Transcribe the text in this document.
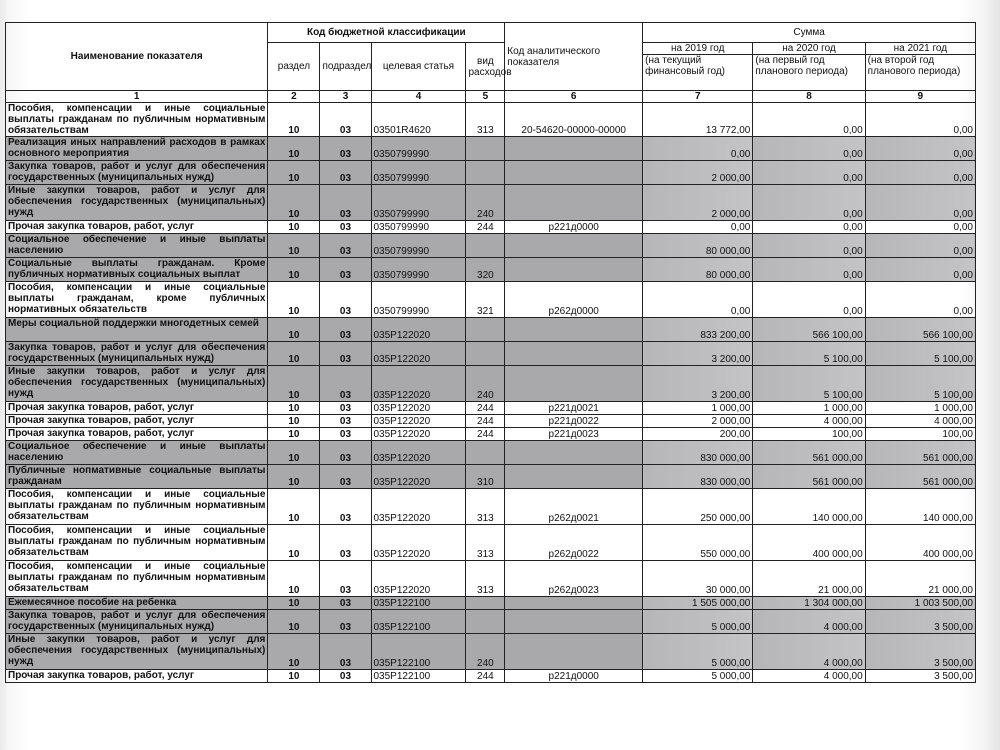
Наименование показателя	Код бюджетной классификации				Код аналитического показателя	Сумма		
	раздел	подраздел	целевая статья	вид расходов		на 2019 год	на 2020 год	на 2021 год
						(на текущий финансовый год)	(на первый год планового периода)	(на второй год планового периода)
1	2	3	4	5	6	7	8	9
Пособия, компенсации и иные социальные выплаты гражданам по публичным нормативным обязательствам	10	03	03501R4620	313	20-54620-00000-00000	13 772,00	0,00	0,00
Реализация иных направлений расходов в рамках основного мероприятия	10	03	0350799990			0,00	0,00	0,00
Закупка товаров, работ и услуг для обеспечения государственных (муниципальных нужд)	10	03	0350799990			2 000,00	0,00	0,00
Иные закупки товаров, работ и услуг для обеспечения государственных (муниципальных) нужд	10	03	0350799990	240		2 000,00	0,00	0,00
Прочая закупка товаров, работ, услуг	10	03	0350799990	244	р221д0000	0,00	0,00	0,00
Социальное обеспечение и иные выплаты населению	10	03	0350799990			80 000,00	0,00	0,00
Социальные выплаты гражданам. Кроме публичных нормативных социальных выплат	10	03	0350799990	320		80 000,00	0,00	0,00
Пособия, компенсации и иные социальные выплаты гражданам, кроме публичных нормативных обязательств	10	03	0350799990	321	р262д0000	0,00	0,00	0,00
Меры социальной поддержки многодетных семей	10	03	035P122020			833 200,00	566 100,00	566 100,00
Закупка товаров, работ и услуг для обеспечения государственных (муниципальных нужд)	10	03	035P122020			3 200,00	5 100,00	5 100,00
Иные закупки товаров, работ и услуг для обеспечения государственных (муниципальных) нужд	10	03	035P122020	240		3 200,00	5 100,00	5 100,00
Прочая закупка товаров, работ, услуг	10	03	035P122020	244	р221д0021	1 000,00	1 000,00	1 000,00
Прочая закупка товаров, работ, услуг	10	03	035P122020	244	р221д0022	2 000,00	4 000,00	4 000,00
Прочая закупка товаров, работ, услуг	10	03	035P122020	244	р221д0023	200,00	100,00	100,00
Социальное обеспечение и иные выплаты населению	10	03	035P122020			830 000,00	561 000,00	561 000,00
Публичные нопмативные социальные выплаты гражданам	10	03	035P122020	310		830 000,00	561 000,00	561 000,00
Пособия, компенсации и иные социальные выплаты гражданам по публичным нормативным обязательствам	10	03	035P122020	313	р262д0021	250 000,00	140 000,00	140 000,00
Пособия, компенсации и иные социальные выплаты гражданам по публичным нормативным обязательствам	10	03	035P122020	313	р262д0022	550 000,00	400 000,00	400 000,00
Пособия, компенсации и иные социальные выплаты гражданам по публичным нормативным обязательствам	10	03	035P122020	313	р262д0023	30 000,00	21 000,00	21 000,00
Ежемесячное пособие на ребенка	10	03	035P122100			1 505 000,00	1 304 000,00	1 003 500,00
Закупка товаров, работ и услуг для обеспечения государственных (муниципальных нужд)	10	03	035P122100			5 000,00	4 000,00	3 500,00
Иные закупки товаров, работ и услуг для обеспечения государственных (муниципальных) нужд	10	03	035P122100	240		5 000,00	4 000,00	3 500,00
Прочая закупка товаров, работ, услуг	10	03	035P122100	244	р221д0000	5 000,00	4 000,00	3 500,00
